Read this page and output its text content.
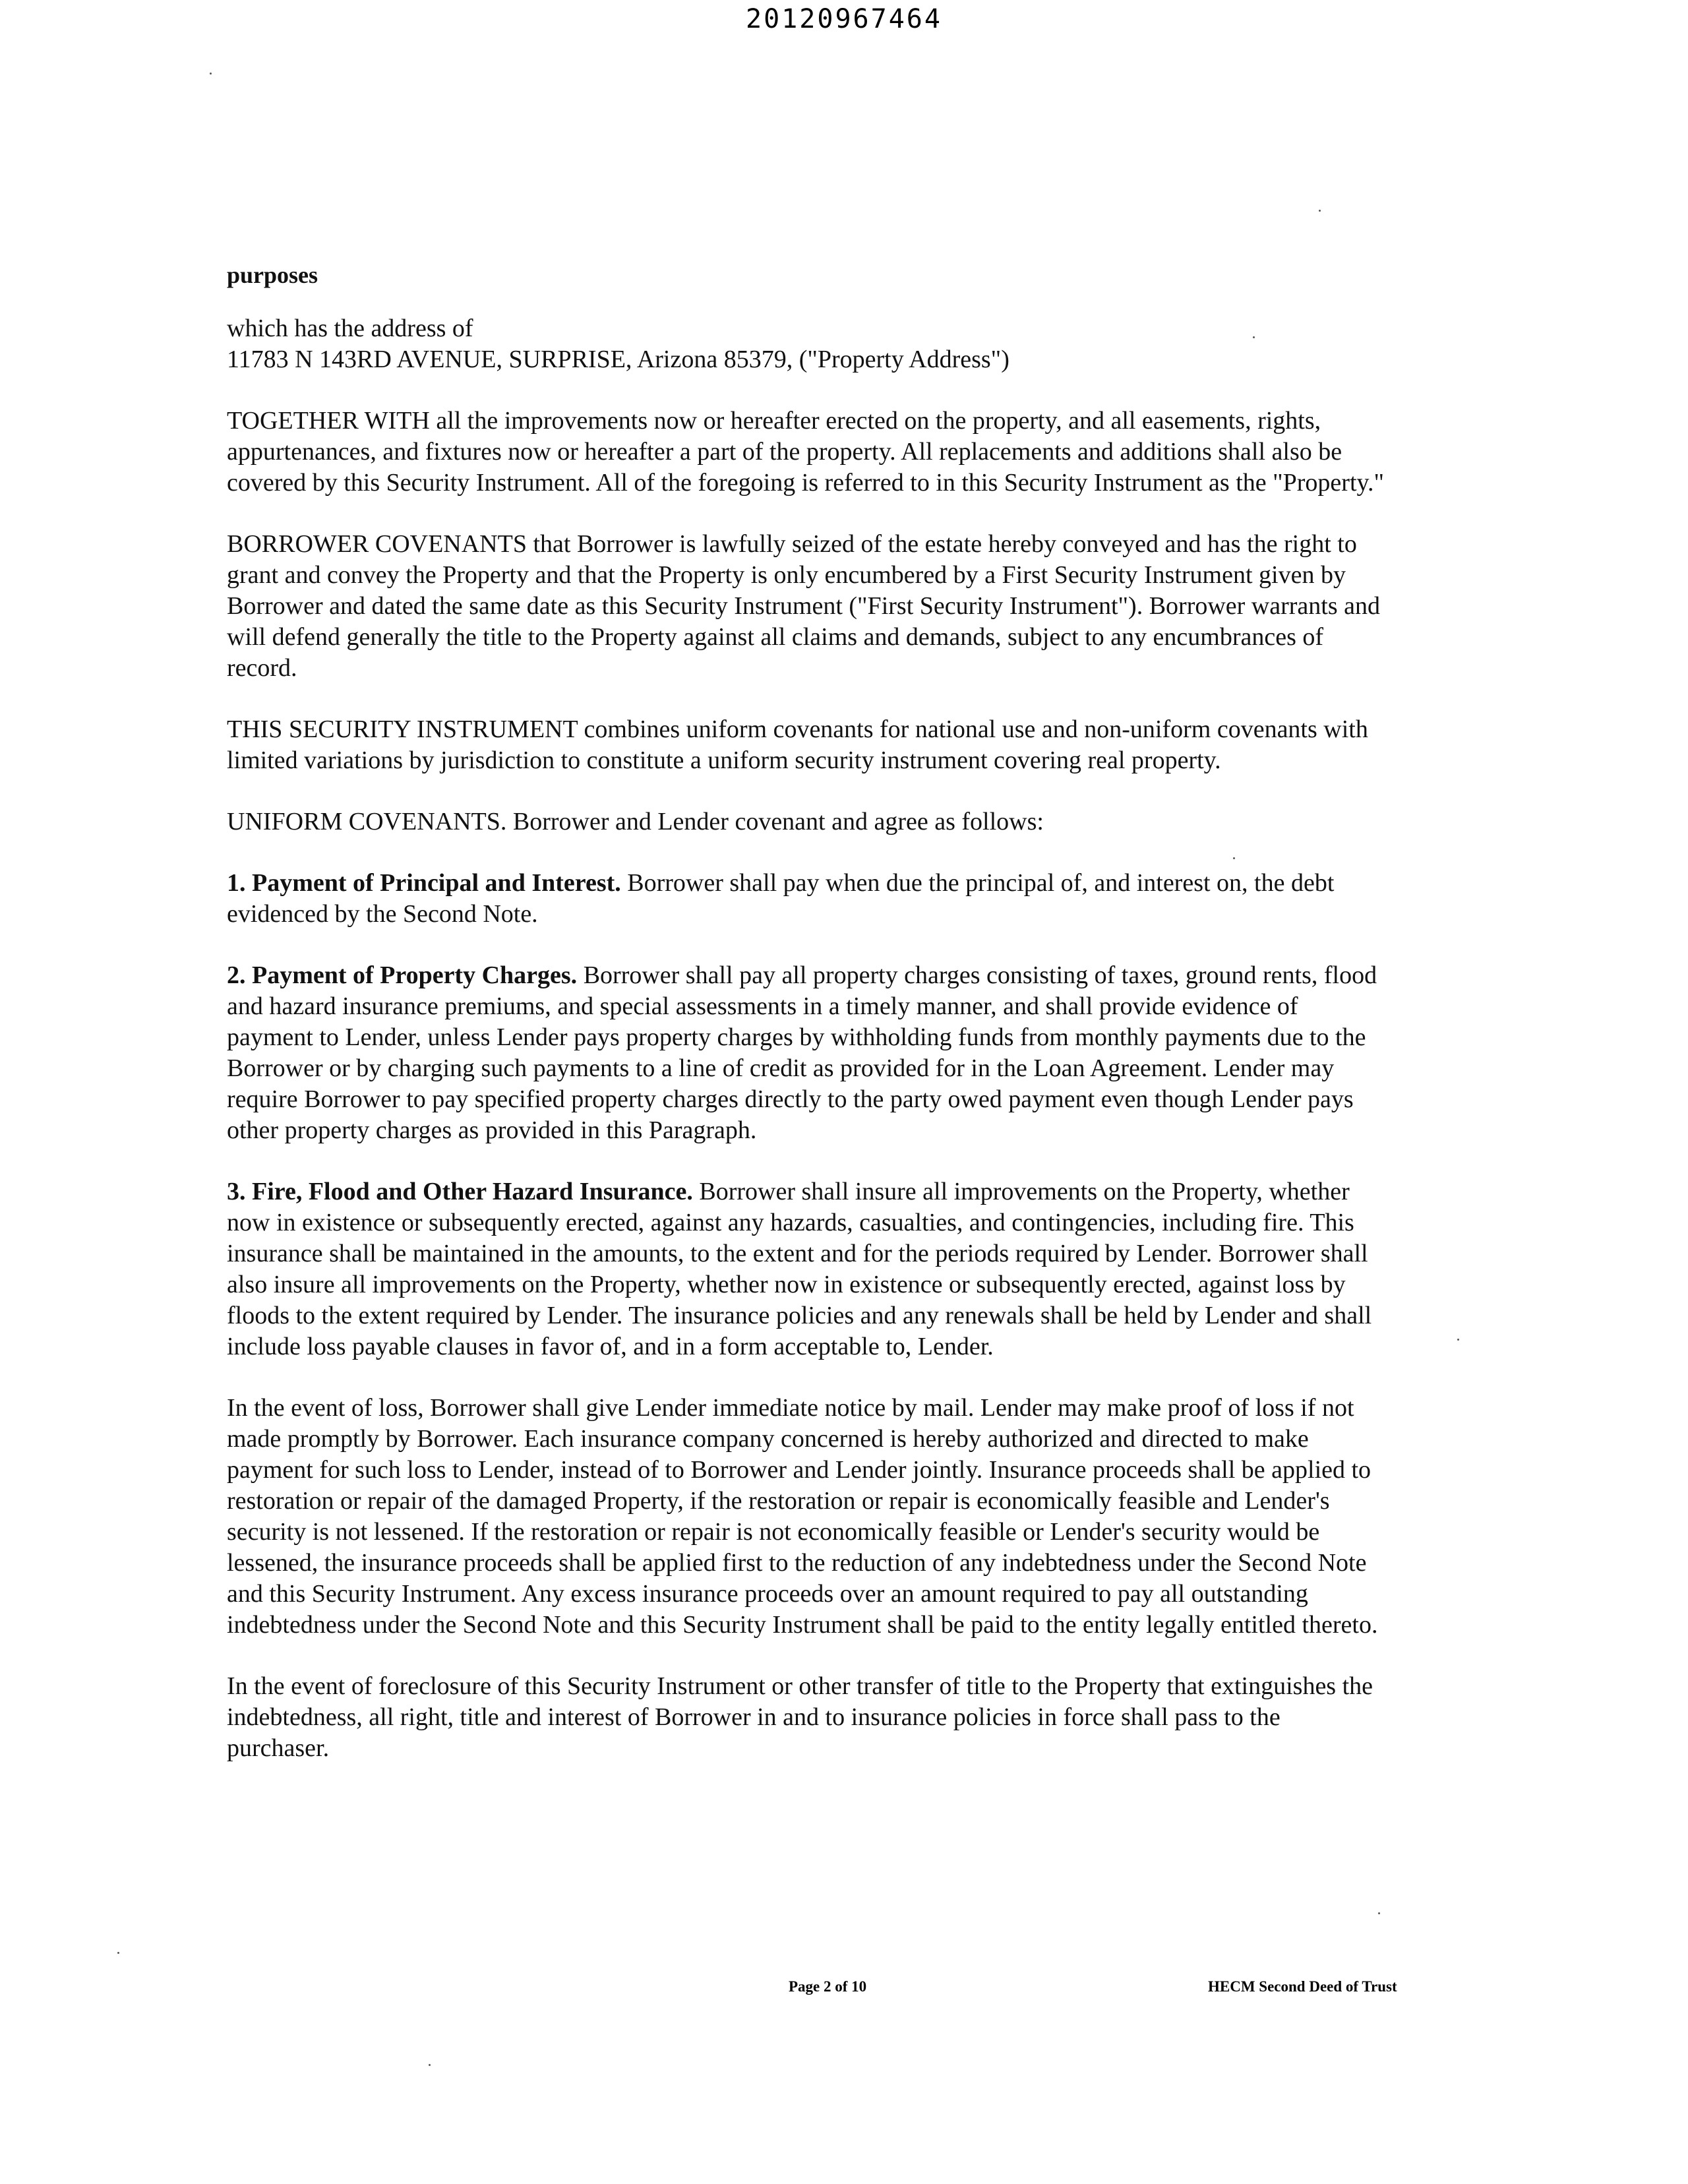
20120967464
purposes

which has the address of
11783 N 143RD AVENUE, SURPRISE, Arizona 85379, ("Property Address")

TOGETHER WITH all the improvements now or hereafter erected on the property, and all easements, rights, appurtenances, and fixtures now or hereafter a part of the property. All replacements and additions shall also be covered by this Security Instrument. All of the foregoing is referred to in this Security Instrument as the "Property."

BORROWER COVENANTS that Borrower is lawfully seized of the estate hereby conveyed and has the right to grant and convey the Property and that the Property is only encumbered by a First Security Instrument given by Borrower and dated the same date as this Security Instrument ("First Security Instrument"). Borrower warrants and will defend generally the title to the Property against all claims and demands, subject to any encumbrances of record.

THIS SECURITY INSTRUMENT combines uniform covenants for national use and non-uniform covenants with limited variations by jurisdiction to constitute a uniform security instrument covering real property.

UNIFORM COVENANTS. Borrower and Lender covenant and agree as follows:

1. Payment of Principal and Interest. Borrower shall pay when due the principal of, and interest on, the debt evidenced by the Second Note.

2. Payment of Property Charges. Borrower shall pay all property charges consisting of taxes, ground rents, flood and hazard insurance premiums, and special assessments in a timely manner, and shall provide evidence of payment to Lender, unless Lender pays property charges by withholding funds from monthly payments due to the Borrower or by charging such payments to a line of credit as provided for in the Loan Agreement. Lender may require Borrower to pay specified property charges directly to the party owed payment even though Lender pays other property charges as provided in this Paragraph.

3. Fire, Flood and Other Hazard Insurance. Borrower shall insure all improvements on the Property, whether now in existence or subsequently erected, against any hazards, casualties, and contingencies, including fire. This insurance shall be maintained in the amounts, to the extent and for the periods required by Lender. Borrower shall also insure all improvements on the Property, whether now in existence or subsequently erected, against loss by floods to the extent required by Lender. The insurance policies and any renewals shall be held by Lender and shall include loss payable clauses in favor of, and in a form acceptable to, Lender.

In the event of loss, Borrower shall give Lender immediate notice by mail. Lender may make proof of loss if not made promptly by Borrower. Each insurance company concerned is hereby authorized and directed to make payment for such loss to Lender, instead of to Borrower and Lender jointly. Insurance proceeds shall be applied to restoration or repair of the damaged Property, if the restoration or repair is economically feasible and Lender's security is not lessened. If the restoration or repair is not economically feasible or Lender's security would be lessened, the insurance proceeds shall be applied first to the reduction of any indebtedness under the Second Note and this Security Instrument. Any excess insurance proceeds over an amount required to pay all outstanding indebtedness under the Second Note and this Security Instrument shall be paid to the entity legally entitled thereto.

In the event of foreclosure of this Security Instrument or other transfer of title to the Property that extinguishes the indebtedness, all right, title and interest of Borrower in and to insurance policies in force shall pass to the purchaser.

Page 2 of 10	HECM Second Deed of Trust
